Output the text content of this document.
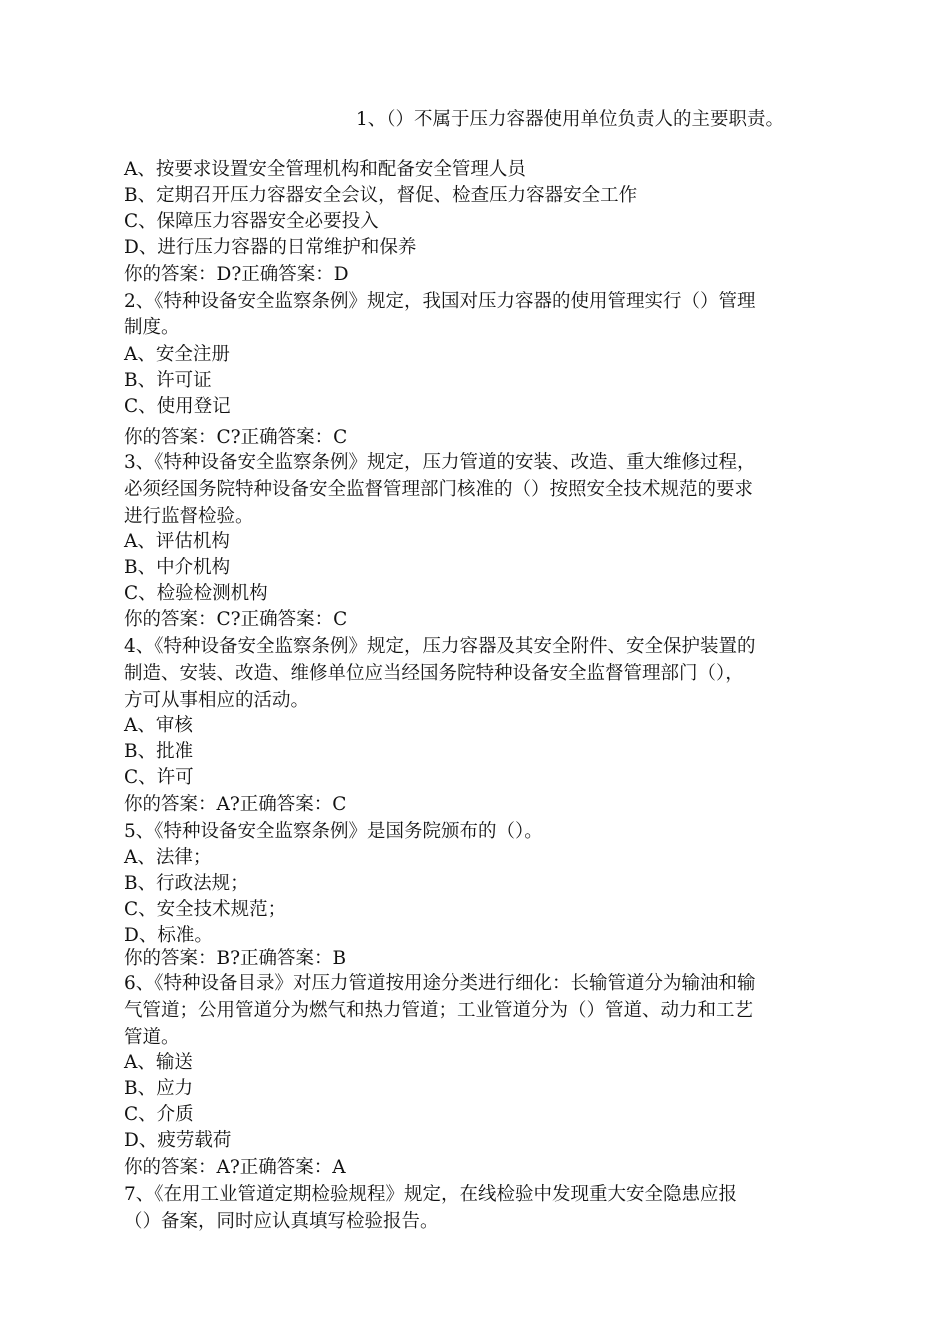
1、（）不属于压力容器使用单位负责人的主要职责。
A、按要求设置安全管理机构和配备安全管理人员
B、定期召开压力容器安全会议，督促、检查压力容器安全工作
C、保障压力容器安全必要投入
D、进行压力容器的日常维护和保养
你的答案：D?正确答案：D
2、《特种设备安全监察条例》规定，我国对压力容器的使用管理实行（）管理
制度。
A、安全注册
B、许可证
C、使用登记
你的答案：C?正确答案：C
3、《特种设备安全监察条例》规定，压力管道的安装、改造、重大维修过程，
必须经国务院特种设备安全监督管理部门核准的（）按照安全技术规范的要求
进行监督检验。
A、评估机构
B、中介机构
C、检验检测机构
你的答案：C?正确答案：C
4、《特种设备安全监察条例》规定，压力容器及其安全附件、安全保护装置的
制造、安装、改造、维修单位应当经国务院特种设备安全监督管理部门（），
方可从事相应的活动。
A、审核
B、批准
C、许可
你的答案：A?正确答案：C
5、《特种设备安全监察条例》是国务院颁布的（）。
A、法律；
B、行政法规；
C、安全技术规范；
D、标准。
你的答案：B?正确答案：B
6、《特种设备目录》对压力管道按用途分类进行细化：长输管道分为输油和输
气管道；公用管道分为燃气和热力管道；工业管道分为（）管道、动力和工艺
管道。
A、输送
B、应力
C、介质
D、疲劳载荷
你的答案：A?正确答案：A
7、《在用工业管道定期检验规程》规定，在线检验中发现重大安全隐患应报
（）备案，同时应认真填写检验报告。
